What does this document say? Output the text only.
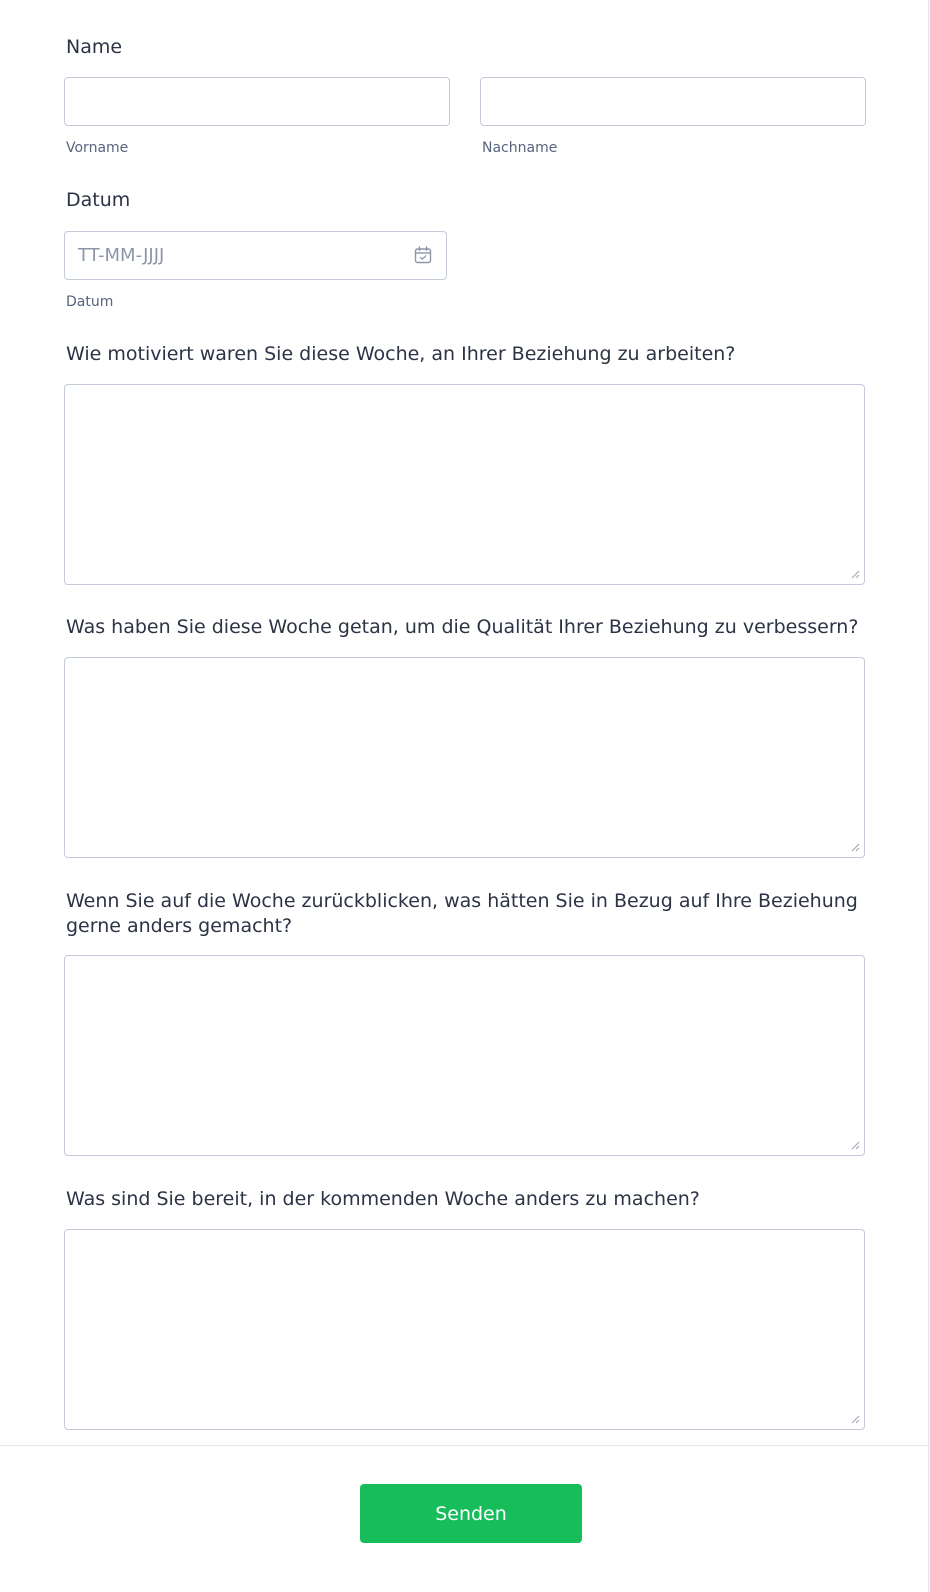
Name
Vorname	Nachname
Datum
TT-MM-JJJJ
Datum
Wie motiviert waren Sie diese Woche, an Ihrer Beziehung zu arbeiten?
Was haben Sie diese Woche getan, um die Qualität Ihrer Beziehung zu verbessern?
Wenn Sie auf die Woche zurückblicken, was hätten Sie in Bezug auf Ihre Beziehung gerne anders gemacht?
Was sind Sie bereit, in der kommenden Woche anders zu machen?
Senden
